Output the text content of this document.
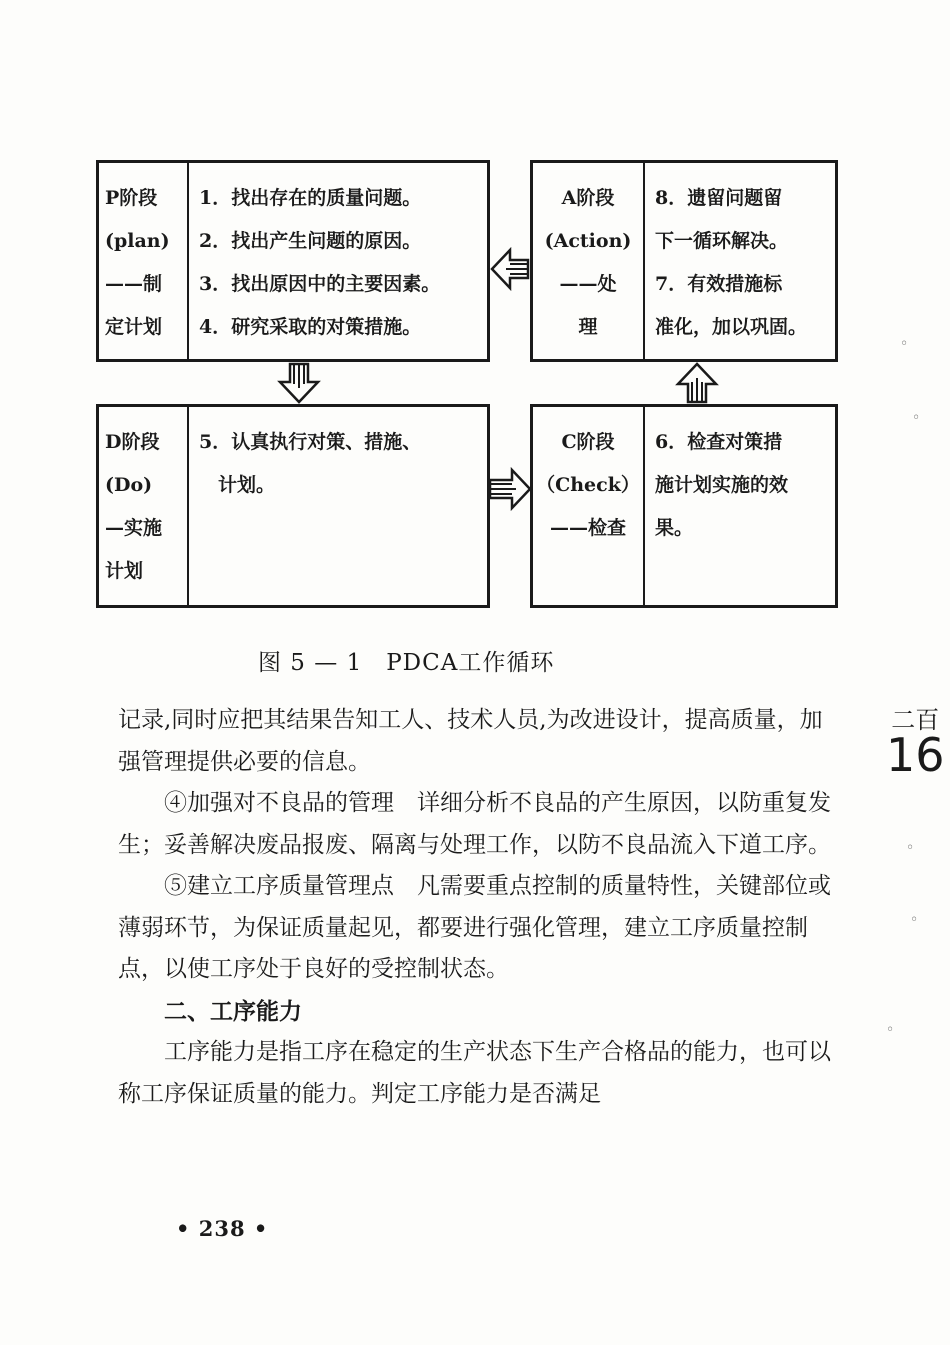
P阶段
(plan)
——制
定计划
1．找出存在的质量问题。
2．找出产生问题的原因。
3．找出原因中的主要因素。
4．研究采取的对策措施。
A阶段
(Action)
——处
理
8．遗留问题留
下一循环解决。
7．有效措施标
准化，加以巩固。
D阶段
(Do)
—实施
计划
5．认真执行对策、措施、
　计划。
C阶段
（Check）
——检查
6．检查对策措
施计划实施的效
果。
图 5 — 1　PDCA工作循环

记录,同时应把其结果告知工人、技术人员,为改进设计，提高质量，加强管理提供必要的信息。

④加强对不良品的管理　详细分析不良品的产生原因，以防重复发生；妥善解决废品报废、隔离与处理工作，以防不良品流入下道工序。

⑤建立工序质量管理点　凡需要重点控制的质量特性，关键部位或薄弱环节，为保证质量起见，都要进行强化管理，建立工序质量控制点，以使工序处于良好的受控制状态。

二、工序能力

工序能力是指工序在稳定的生产状态下生产合格品的能力，也可以称工序保证质量的能力。判定工序能力是否满足

• 238 •
二百
16
◦
◦
◦
◦
◦
